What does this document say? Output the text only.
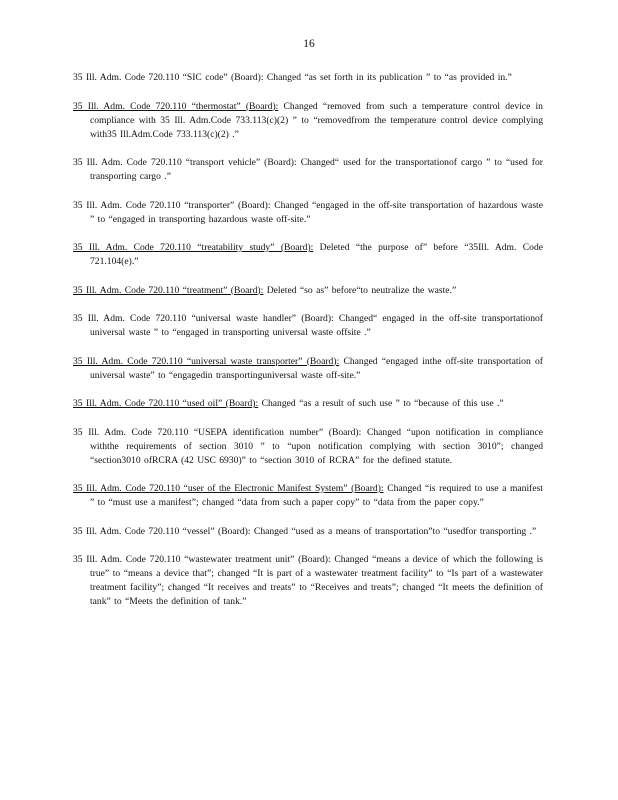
16

35 Ill. Adm. Code 720.110 “SIC code” (Board): Changed “as set forth in its publication ” to “as provided in.”

35 Ill. Adm. Code 720.110 “thermostat” (Board): Changed “removed from such a temperature control device in compliance with 35 Ill. Adm.Code 733.113(c)(2) ” to “removedfrom the temperature control device complying with35 Ill.Adm.Code 733.113(c)(2) .”

35 Ill. Adm. Code 720.110 “transport vehicle” (Board): Changed“ used for the transportationof cargo ” to “used for transporting cargo .”

35 Ill. Adm. Code 720.110 “transporter” (Board): Changed “engaged in the off-site transportation of hazardous waste ” to “engaged in transporting hazardous waste off-site.”

35 Ill. Adm. Code 720.110 “treatability study” (Board): Deleted “the purpose of” before “35Ill. Adm. Code 721.104(e).”

35 Ill. Adm. Code 720.110 “treatment” (Board): Deleted “so as” before“to neutralize the waste.”

35 Ill. Adm. Code 720.110 “universal waste handler” (Board): Changed“ engaged in the off-site transportationof universal waste ” to “engaged in transporting universal waste offsite .”

35 Ill. Adm. Code 720.110 “universal waste transporter” (Board): Changed “engaged inthe off-site transportation of universal waste” to “engagedin transportinguniversal waste off-site.”

35 Ill. Adm. Code 720.110 “used oil” (Board): Changed “as a result of such use ” to “because of this use .”

35 Ill. Adm. Code 720.110 “USEPA identification number” (Board): Changed “upon notification in compliance withthe requirements of section 3010 ” to “upon notification complying with section 3010”; changed “section3010 ofRCRA (42 USC 6930)” to “section 3010 of RCRA” for the defined statute.

35 Ill. Adm. Code 720.110 “user of the Electronic Manifest System” (Board): Changed “is required to use a manifest ” to “must use a manifest”; changed “data from such a paper copy” to “data from the paper copy.”

35 Ill. Adm. Code 720.110 “vessel” (Board): Changed “used as a means of transportation”to “usedfor transporting .”

35 Ill. Adm. Code 720.110 “wastewater treatment unit” (Board): Changed “means a device of which the following is true” to “means a device that”; changed “It is part of a wastewater treatment facility” to “Is part of a wastewater treatment facility”; changed “It receives and treats” to “Receives and treats”; changed “It meets the definition of tank” to “Meets the definition of tank.”
